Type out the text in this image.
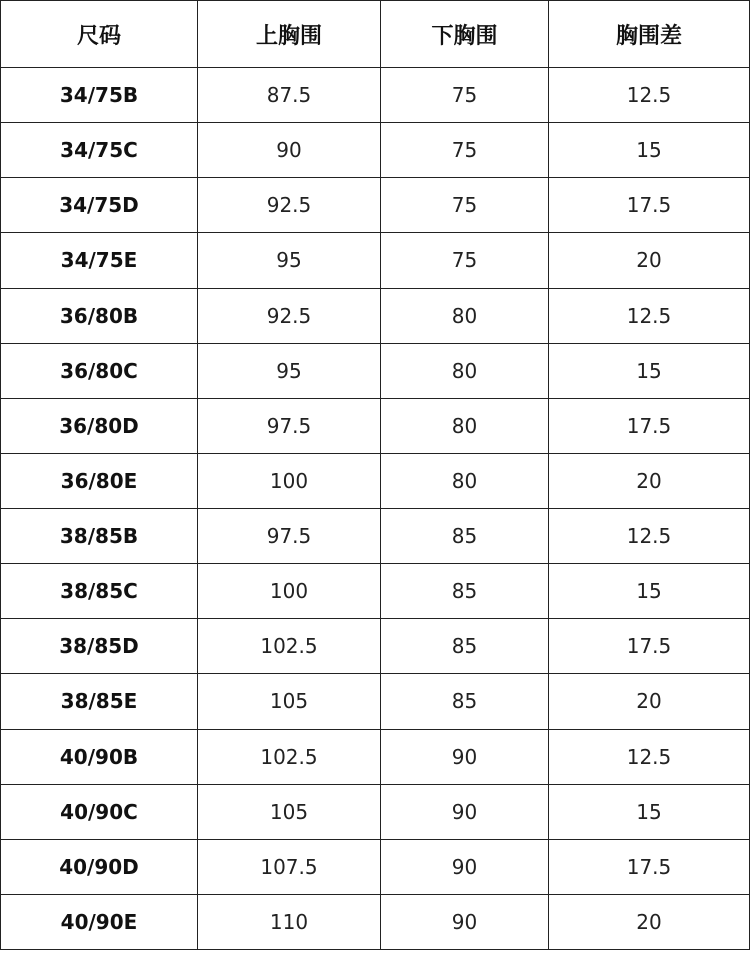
尺码	上胸围	下胸围	胸围差
34/75B	87.5	75	12.5
34/75C	90	75	15
34/75D	92.5	75	17.5
34/75E	95	75	20
36/80B	92.5	80	12.5
36/80C	95	80	15
36/80D	97.5	80	17.5
36/80E	100	80	20
38/85B	97.5	85	12.5
38/85C	100	85	15
38/85D	102.5	85	17.5
38/85E	105	85	20
40/90B	102.5	90	12.5
40/90C	105	90	15
40/90D	107.5	90	17.5
40/90E	110	90	20
